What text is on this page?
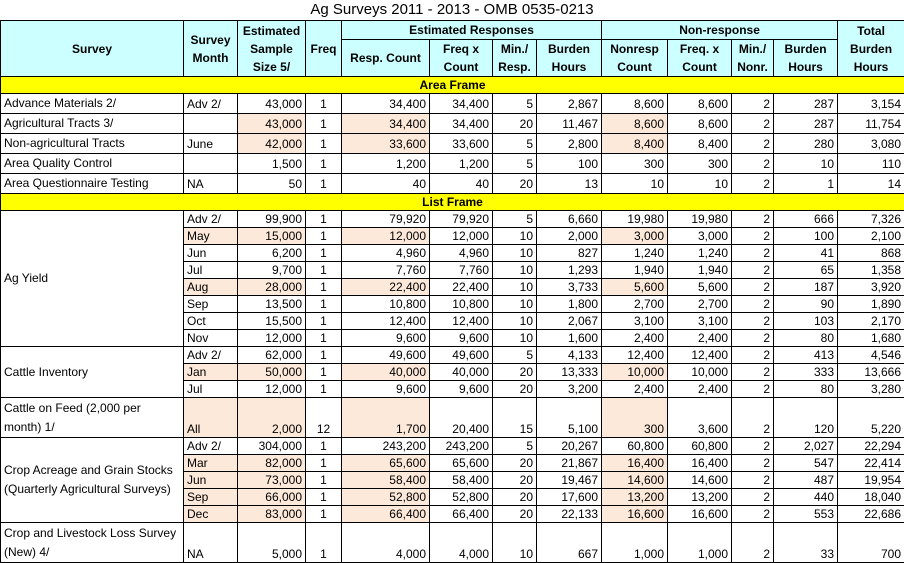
Ag Surveys 2011 - 2013 - OMB 0535-0213
Survey	Survey Month	Estimated Sample Size 5/	Freq	Estimated Responses				Non-response				Total Burden Hours
				Resp. Count	Freq x Count	Min./ Resp.	Burden Hours	Nonresp Count	Freq. x Count	Min./ Nonr.	Burden Hours	
Area Frame												
Advance Materials 2/	Adv 2/	43,000	1	34,400	34,400	5	2,867	8,600	8,600	2	287	3,154
Agricultural Tracts 3/		43,000	1	34,400	34,400	20	11,467	8,600	8,600	2	287	11,754
Non-agricultural Tracts	June	42,000	1	33,600	33,600	5	2,800	8,400	8,400	2	280	3,080
Area Quality Control		1,500	1	1,200	1,200	5	100	300	300	2	10	110
Area Questionnaire Testing	NA	50	1	40	40	20	13	10	10	2	1	14
List Frame												
Ag Yield	Adv 2/	99,900	1	79,920	79,920	5	6,660	19,980	19,980	2	666	7,326
	May	15,000	1	12,000	12,000	10	2,000	3,000	3,000	2	100	2,100
	Jun	6,200	1	4,960	4,960	10	827	1,240	1,240	2	41	868
	Jul	9,700	1	7,760	7,760	10	1,293	1,940	1,940	2	65	1,358
	Aug	28,000	1	22,400	22,400	10	3,733	5,600	5,600	2	187	3,920
	Sep	13,500	1	10,800	10,800	10	1,800	2,700	2,700	2	90	1,890
	Oct	15,500	1	12,400	12,400	10	2,067	3,100	3,100	2	103	2,170
	Nov	12,000	1	9,600	9,600	10	1,600	2,400	2,400	2	80	1,680
Cattle Inventory	Adv 2/	62,000	1	49,600	49,600	5	4,133	12,400	12,400	2	413	4,546
	Jan	50,000	1	40,000	40,000	20	13,333	10,000	10,000	2	333	13,666
	Jul	12,000	1	9,600	9,600	20	3,200	2,400	2,400	2	80	3,280
Cattle on Feed (2,000 per month) 1/	All	2,000	12	1,700	20,400	15	5,100	300	3,600	2	120	5,220
Crop Acreage and Grain Stocks (Quarterly Agricultural Surveys)	Adv 2/	304,000	1	243,200	243,200	5	20,267	60,800	60,800	2	2,027	22,294
	Mar	82,000	1	65,600	65,600	20	21,867	16,400	16,400	2	547	22,414
	Jun	73,000	1	58,400	58,400	20	19,467	14,600	14,600	2	487	19,954
	Sep	66,000	1	52,800	52,800	20	17,600	13,200	13,200	2	440	18,040
	Dec	83,000	1	66,400	66,400	20	22,133	16,600	16,600	2	553	22,686
Crop and Livestock Loss Survey (New) 4/	NA	5,000	1	4,000	4,000	10	667	1,000	1,000	2	33	700
